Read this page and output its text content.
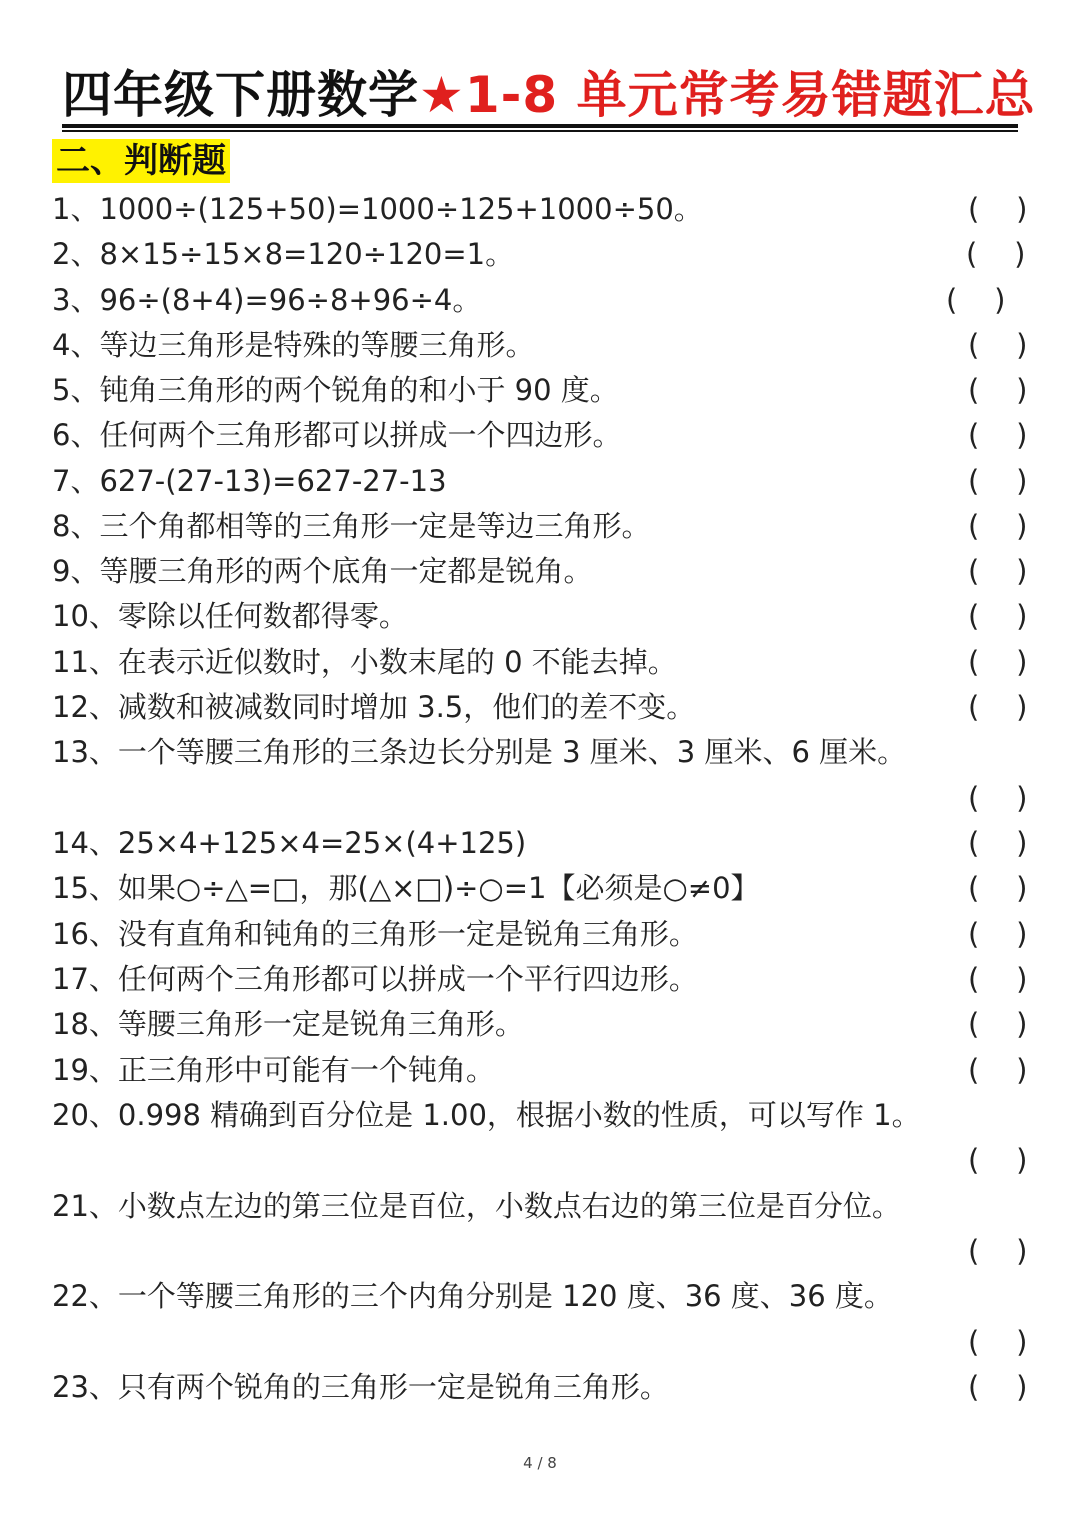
四年级下册数学★1-8 单元常考易错题汇总
二、判断题
1、1000÷(125+50)=1000÷125+1000÷50。	(    )
2、8×15÷15×8=120÷120=1。	(    )
3、96÷(8+4)=96÷8+96÷4。	(    )
4、等边三角形是特殊的等腰三角形。	(    )
5、钝角三角形的两个锐角的和小于 90 度。	(    )
6、任何两个三角形都可以拼成一个四边形。	(    )
7、627-(27-13)=627-27-13	(    )
8、三个角都相等的三角形一定是等边三角形。	(    )
9、等腰三角形的两个底角一定都是锐角。	(    )
10、零除以任何数都得零。	(    )
11、在表示近似数时，小数末尾的 0 不能去掉。	(    )
12、减数和被减数同时增加 3.5，他们的差不变。	(    )
13、一个等腰三角形的三条边长分别是 3 厘米、3 厘米、6 厘米。
(    )
14、25×4+125×4=25×(4+125)	(    )
15、如果○÷△=□，那(△×□)÷○=1【必须是○≠0】	(    )
16、没有直角和钝角的三角形一定是锐角三角形。	(    )
17、任何两个三角形都可以拼成一个平行四边形。	(    )
18、等腰三角形一定是锐角三角形。	(    )
19、正三角形中可能有一个钝角。	(    )
20、0.998 精确到百分位是 1.00，根据小数的性质，可以写作 1。
(    )
21、小数点左边的第三位是百位，小数点右边的第三位是百分位。
(    )
22、一个等腰三角形的三个内角分别是 120 度、36 度、36 度。
(    )
23、只有两个锐角的三角形一定是锐角三角形。	(    )
4 / 8
